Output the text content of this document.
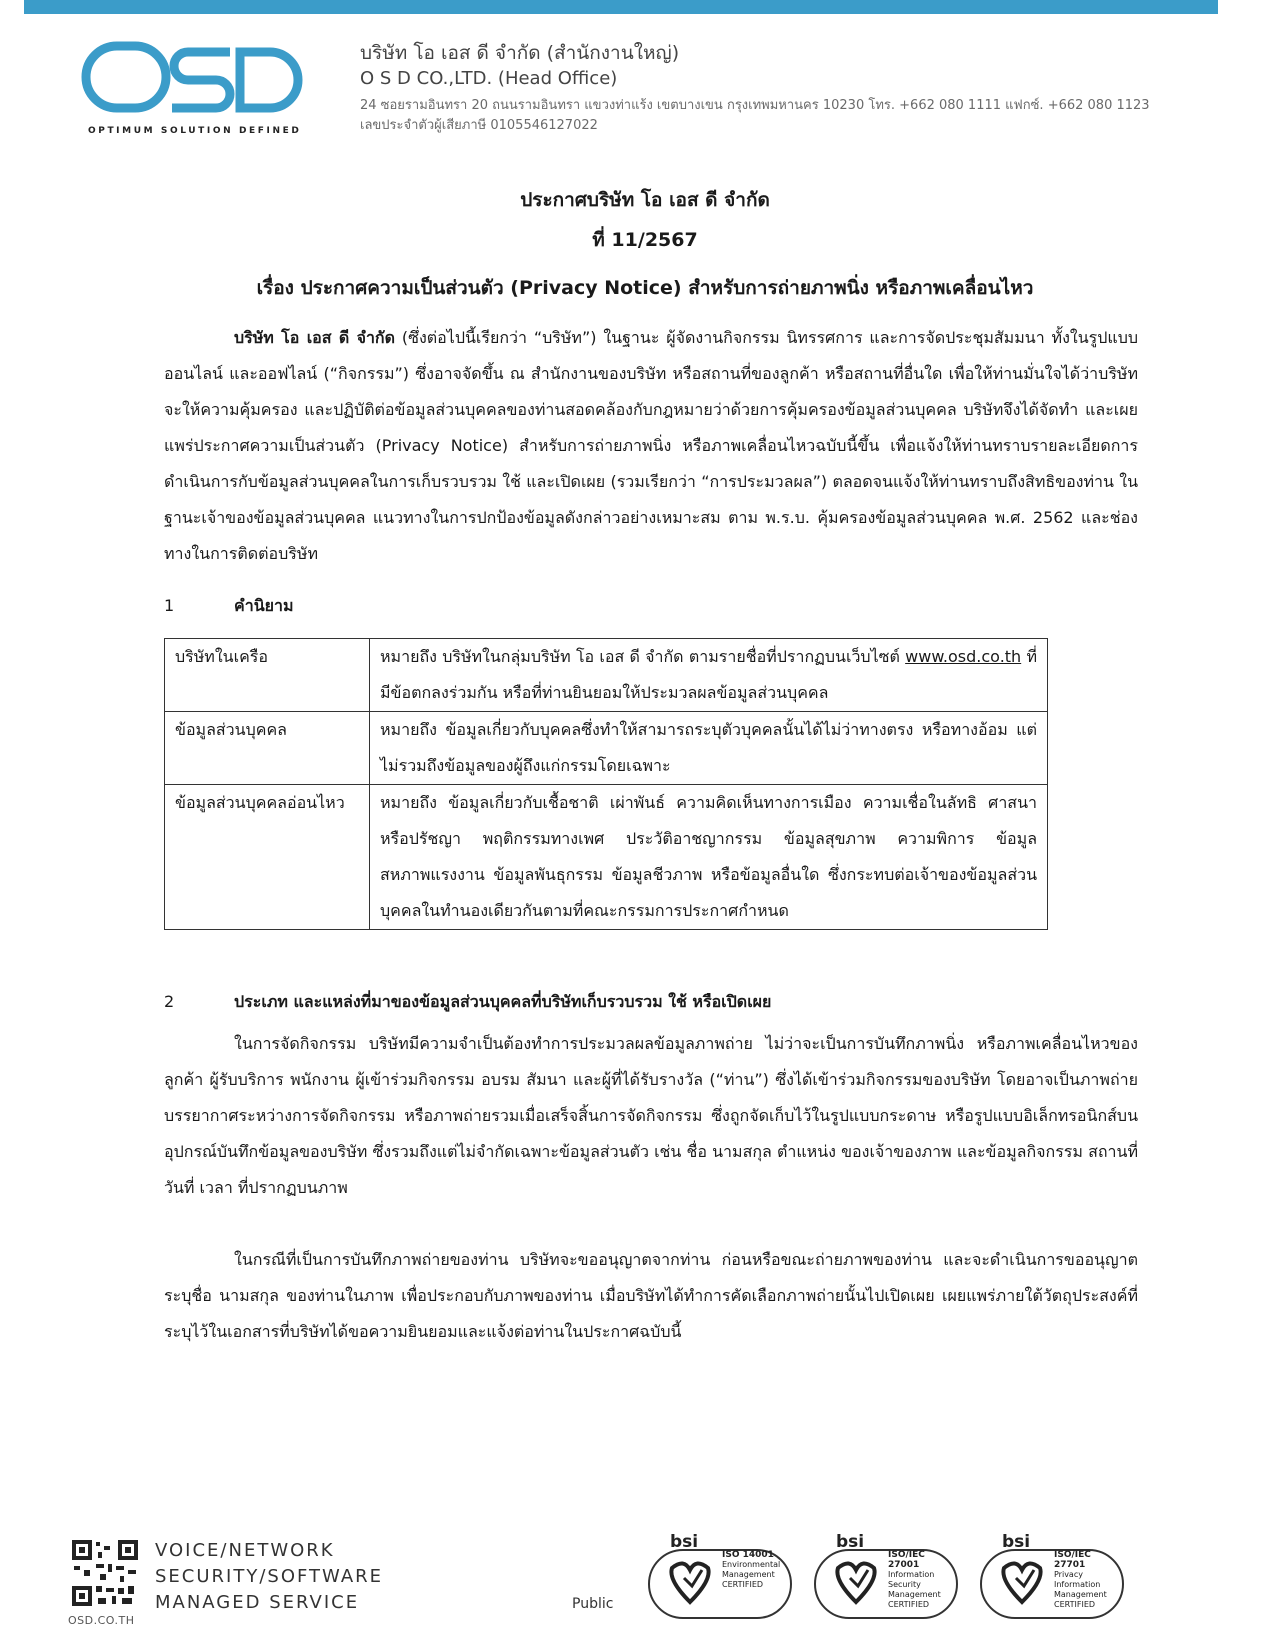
OPTIMUM SOLUTION DEFINED
บริษัท โอ เอส ดี จำกัด (สำนักงานใหญ่)
O S D CO.,LTD. (Head Office)
24 ซอยรามอินทรา 20 ถนนรามอินทรา แขวงท่าแร้ง เขตบางเขน กรุงเทพมหานคร 10230 โทร. +662 080 1111 แฟกซ์. +662 080 1123
เลขประจำตัวผู้เสียภาษี 0105546127022
ประกาศบริษัท โอ เอส ดี จำกัด
ที่ 11/2567
เรื่อง ประกาศความเป็นส่วนตัว (Privacy Notice) สำหรับการถ่ายภาพนิ่ง หรือภาพเคลื่อนไหว
บริษัท โอ เอส ดี จำกัด (ซึ่งต่อไปนี้เรียกว่า “บริษัท”) ในฐานะ ผู้จัดงานกิจกรรม นิทรรศการ และการจัดประชุมสัมมนา ทั้งในรูปแบบออนไลน์ และออฟไลน์ (“กิจกรรม”) ซึ่งอาจจัดขึ้น ณ สำนักงานของบริษัท หรือสถานที่ของลูกค้า หรือสถานที่อื่นใด เพื่อให้ท่านมั่นใจได้ว่าบริษัทจะให้ความคุ้มครอง และปฏิบัติต่อข้อมูลส่วนบุคคลของท่านสอดคล้องกับกฎหมายว่าด้วยการคุ้มครองข้อมูลส่วนบุคคล บริษัทจึงได้จัดทำ และเผยแพร่ประกาศความเป็นส่วนตัว (Privacy Notice) สำหรับการถ่ายภาพนิ่ง หรือภาพเคลื่อนไหวฉบับนี้ขึ้น เพื่อแจ้งให้ท่านทราบรายละเอียดการดำเนินการกับข้อมูลส่วนบุคคลในการเก็บรวบรวม ใช้ และเปิดเผย (รวมเรียกว่า “การประมวลผล”) ตลอดจนแจ้งให้ท่านทราบถึงสิทธิของท่าน ในฐานะเจ้าของข้อมูลส่วนบุคคล แนวทางในการปกป้องข้อมูลดังกล่าวอย่างเหมาะสม ตาม พ.ร.บ. คุ้มครองข้อมูลส่วนบุคคล พ.ศ. 2562 และช่องทางในการติดต่อบริษัท
1	คำนิยาม
บริษัทในเครือ	หมายถึง บริษัทในกลุ่มบริษัท โอ เอส ดี จำกัด ตามรายชื่อที่ปรากฏบนเว็บไซต์ www.osd.co.th ที่มีข้อตกลงร่วมกัน หรือที่ท่านยินยอมให้ประมวลผลข้อมูลส่วนบุคคล
ข้อมูลส่วนบุคคล	หมายถึง ข้อมูลเกี่ยวกับบุคคลซึ่งทำให้สามารถระบุตัวบุคคลนั้นได้ไม่ว่าทางตรง หรือทางอ้อม แต่ไม่รวมถึงข้อมูลของผู้ถึงแก่กรรมโดยเฉพาะ
ข้อมูลส่วนบุคคลอ่อนไหว	หมายถึง ข้อมูลเกี่ยวกับเชื้อชาติ เผ่าพันธ์ ความคิดเห็นทางการเมือง ความเชื่อในลัทธิ ศาสนา หรือปรัชญา พฤติกรรมทางเพศ ประวัติอาชญากรรม ข้อมูลสุขภาพ ความพิการ ข้อมูลสหภาพแรงงาน ข้อมูลพันธุกรรม ข้อมูลชีวภาพ หรือข้อมูลอื่นใด ซึ่งกระทบต่อเจ้าของข้อมูลส่วนบุคคลในทำนองเดียวกันตามที่คณะกรรมการประกาศกำหนด
2	ประเภท และแหล่งที่มาของข้อมูลส่วนบุคคลที่บริษัทเก็บรวบรวม ใช้ หรือเปิดเผย
ในการจัดกิจกรรม บริษัทมีความจำเป็นต้องทำการประมวลผลข้อมูลภาพถ่าย ไม่ว่าจะเป็นการบันทึกภาพนิ่ง หรือภาพเคลื่อนไหวของลูกค้า ผู้รับบริการ พนักงาน ผู้เข้าร่วมกิจกรรม อบรม สัมนา และผู้ที่ได้รับรางวัล (“ท่าน”) ซึ่งได้เข้าร่วมกิจกรรมของบริษัท โดยอาจเป็นภาพถ่ายบรรยากาศระหว่างการจัดกิจกรรม หรือภาพถ่ายรวมเมื่อเสร็จสิ้นการจัดกิจกรรม ซึ่งถูกจัดเก็บไว้ในรูปแบบกระดาษ หรือรูปแบบอิเล็กทรอนิกส์บนอุปกรณ์บันทึกข้อมูลของบริษัท ซึ่งรวมถึงแต่ไม่จำกัดเฉพาะข้อมูลส่วนตัว เช่น ชื่อ นามสกุล ตำแหน่ง ของเจ้าของภาพ และข้อมูลกิจกรรม สถานที่ วันที่ เวลา ที่ปรากฏบนภาพ
ในกรณีที่เป็นการบันทึกภาพถ่ายของท่าน บริษัทจะขออนุญาตจากท่าน ก่อนหรือขณะถ่ายภาพของท่าน และจะดำเนินการขออนุญาตระบุชื่อ นามสกุล ของท่านในภาพ เพื่อประกอบกับภาพของท่าน เมื่อบริษัทได้ทำการคัดเลือกภาพถ่ายนั้นไปเปิดเผย เผยแพร่ภายใต้วัตถุประสงค์ที่ระบุไว้ในเอกสารที่บริษัทได้ขอความยินยอมและแจ้งต่อท่านในประกาศฉบับนี้
OSD.CO.TH
VOICE/NETWORK
SECURITY/SOFTWARE
MANAGED SERVICE	Public
bsi
ISO 14001
Environmental
Management
CERTIFIED
bsi
ISO/IEC 27001
Information Security
Management
CERTIFIED
bsi
ISO/IEC 27701
Privacy
Information
Management
CERTIFIED
